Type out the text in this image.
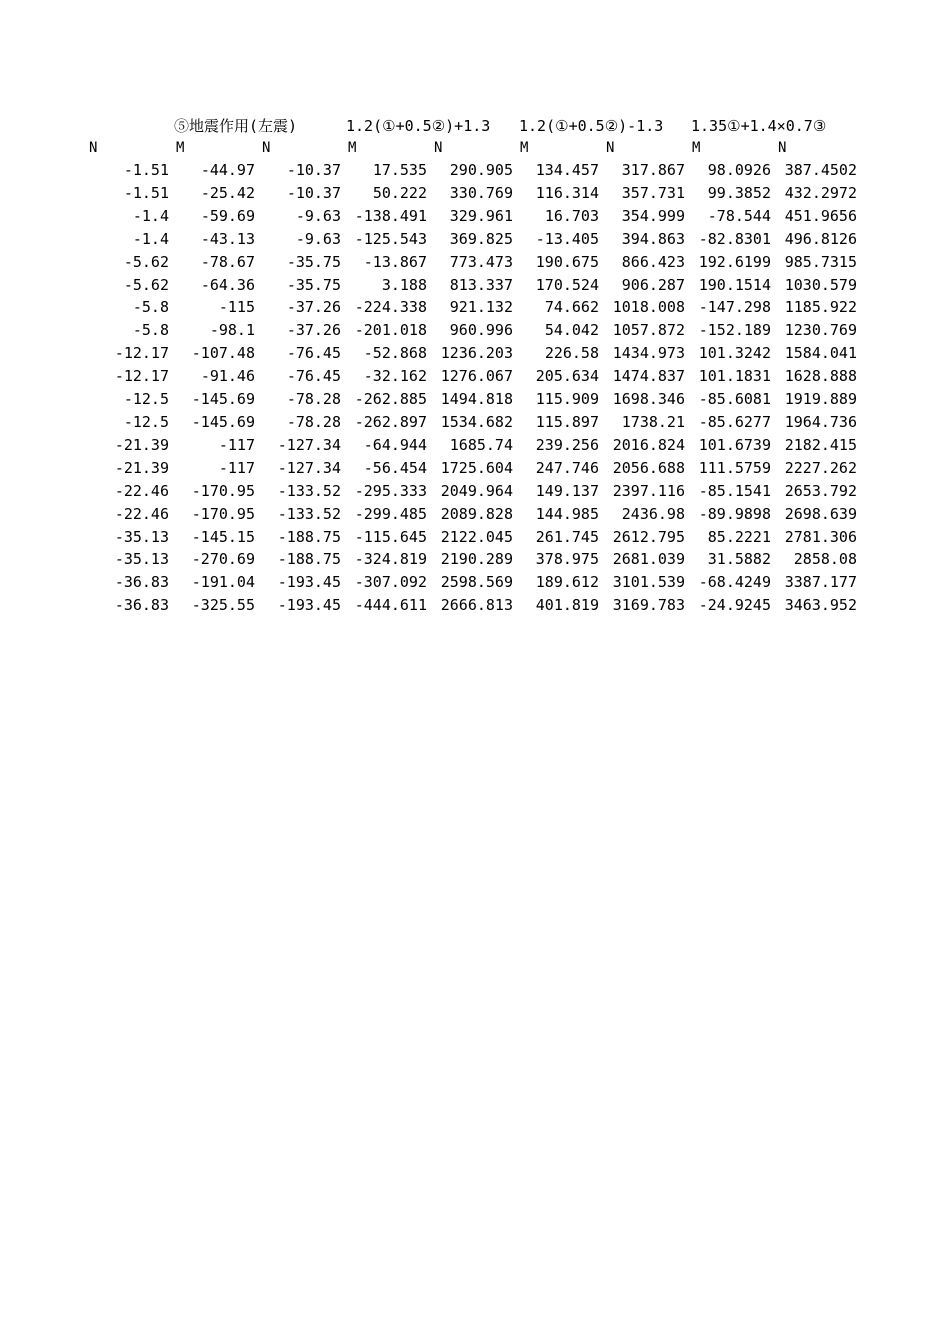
⑤地震作用(左震)	1.2(①+0.5②)+1.3 1.2(①+0.5②)-1.3 1.35①+1.4×0.7③
N	M	N	M	N	M	N	M	N
-1.51	-44.97	-10.37	17.535	290.905	134.457	317.867	98.0926	387.4502
-1.51	-25.42	-10.37	50.222	330.769	116.314	357.731	99.3852	432.2972
-1.4	-59.69	-9.63	-138.491	329.961	16.703	354.999	-78.544	451.9656
-1.4	-43.13	-9.63	-125.543	369.825	-13.405	394.863	-82.8301	496.8126
-5.62	-78.67	-35.75	-13.867	773.473	190.675	866.423	192.6199	985.7315
-5.62	-64.36	-35.75	3.188	813.337	170.524	906.287	190.1514	1030.579
-5.8	-115	-37.26	-224.338	921.132	74.662	1018.008	-147.298	1185.922
-5.8	-98.1	-37.26	-201.018	960.996	54.042	1057.872	-152.189	1230.769
-12.17	-107.48	-76.45	-52.868	1236.203	226.58	1434.973	101.3242	1584.041
-12.17	-91.46	-76.45	-32.162	1276.067	205.634	1474.837	101.1831	1628.888
-12.5	-145.69	-78.28	-262.885	1494.818	115.909	1698.346	-85.6081	1919.889
-12.5	-145.69	-78.28	-262.897	1534.682	115.897	1738.21	-85.6277	1964.736
-21.39	-117	-127.34	-64.944	1685.74	239.256	2016.824	101.6739	2182.415
-21.39	-117	-127.34	-56.454	1725.604	247.746	2056.688	111.5759	2227.262
-22.46	-170.95	-133.52	-295.333	2049.964	149.137	2397.116	-85.1541	2653.792
-22.46	-170.95	-133.52	-299.485	2089.828	144.985	2436.98	-89.9898	2698.639
-35.13	-145.15	-188.75	-115.645	2122.045	261.745	2612.795	85.2221	2781.306
-35.13	-270.69	-188.75	-324.819	2190.289	378.975	2681.039	31.5882	2858.08
-36.83	-191.04	-193.45	-307.092	2598.569	189.612	3101.539	-68.4249	3387.177
-36.83	-325.55	-193.45	-444.611	2666.813	401.819	3169.783	-24.9245	3463.952
